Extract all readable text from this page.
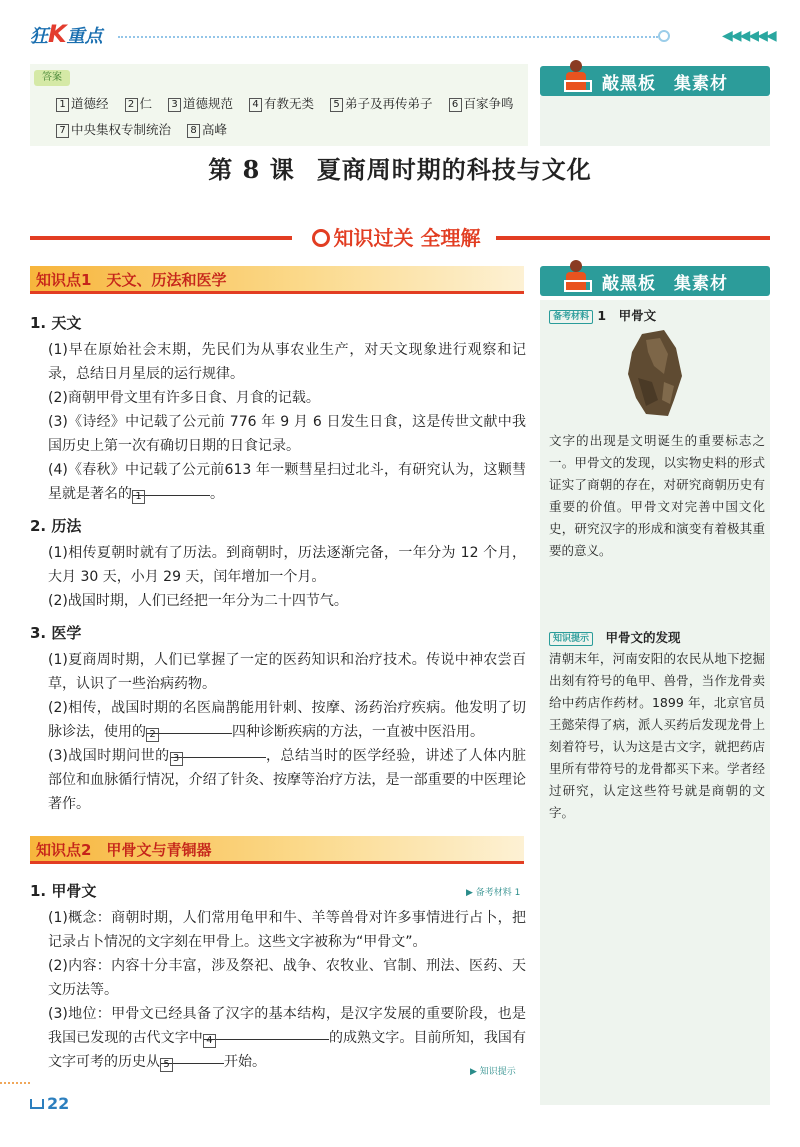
狂K重点	◀◀◀◀◀◀
答案
1 道德经 2 仁 3 道德规范 4 有教无类 5 弟子及再传弟子 6 百家争鸣
7 中央集权专制统治 8 高峰
敲黑板　集素材
第 8 课 夏商周时期的科技与文化
知识过关 全理解
知识点1　天文、历法和医学
1. 天文
(1)早在原始社会末期，先民们为从事农业生产，对天文现象进行观察和记录，总结日月星辰的运行规律。
(2)商朝甲骨文里有许多日食、月食的记载。
(3)《诗经》中记载了公元前 776 年 9 月 6 日发生日食，这是传世文献中我国历史上第一次有确切日期的日食记录。
(4)《春秋》中记载了公元前613 年一颗彗星扫过北斗，有研究认为，这颗彗星就是著名的 1	。
2. 历法
(1)相传夏朝时就有了历法。到商朝时，历法逐渐完备，一年分为 12 个月，大月 30 天，小月 29 天，闰年增加一个月。
(2)战国时期，人们已经把一年分为二十四节气。
3. 医学
(1)夏商周时期，人们已掌握了一定的医药知识和治疗技术。传说中神农尝百草，认识了一些治病药物。
(2)相传，战国时期的名医扁鹊能用针刺、按摩、汤药治疗疾病。他发明了切脉诊法，使用的 2	四种诊断疾病的方法，一直被中医沿用。
(3)战国时期问世的 3	，总结当时的医学经验，讲述了人体内脏部位和血脉循行情况，介绍了针灸、按摩等治疗方法，是一部重要的中医理论著作。
知识点2　甲骨文与青铜器
1. 甲骨文	▶ 备考材料 1
(1)概念：商朝时期，人们常用龟甲和牛、羊等兽骨对许多事情进行占卜，把记录占卜情况的文字刻在甲骨上。这些文字被称为“甲骨文”。
(2)内容：内容十分丰富，涉及祭祀、战争、农牧业、官制、刑法、医药、天文历法等。
(3)地位：甲骨文已经具备了汉字的基本结构，是汉字发展的重要阶段，也是我国已发现的古代文字中 4	的成熟文字。目前所知，我国有文字可考的历史从 5	开始。
▶ 知识提示
敲黑板　集素材
备考材料 1　甲骨文
文字的出现是文明诞生的重要标志之一。甲骨文的发现，以实物史料的形式证实了商朝的存在，对研究商朝历史有重要的价值。甲骨文对完善中国文化史，研究汉字的形成和演变有着极其重要的意义。
知识提示　 甲骨文的发现
清朝末年，河南安阳的农民从地下挖掘出刻有符号的龟甲、兽骨，当作龙骨卖给中药店作药材。1899 年，北京官员王懿荣得了病，派人买药后发现龙骨上刻着符号，认为这是古文字，就把药店里所有带符号的龙骨都买下来。学者经过研究，认定这些符号就是商朝的文字。
22
